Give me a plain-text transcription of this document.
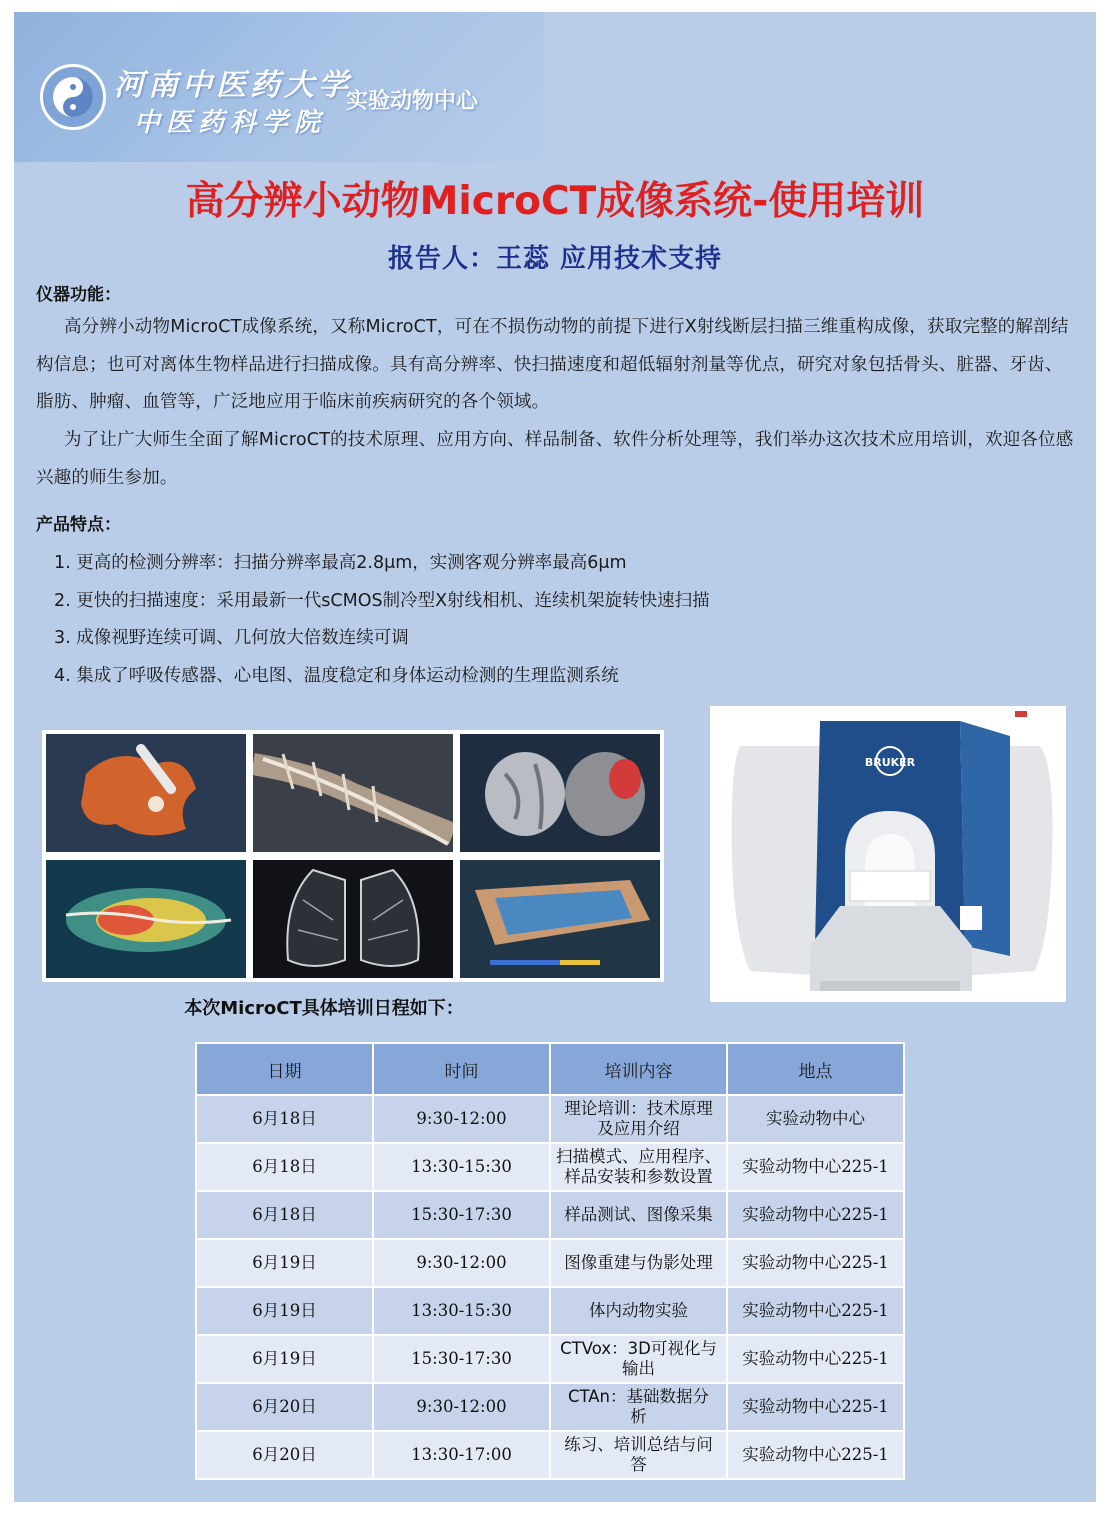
河南中医药大学
中医药科学院
实验动物中心
高分辨小动物MicroCT成像系统-使用培训
报告人：王蕊 应用技术支持
仪器功能：
高分辨小动物MicroCT成像系统，又称MicroCT，可在不损伤动物的前提下进行X射线断层扫描三维重构成像，获取完整的解剖结构信息；也可对离体生物样品进行扫描成像。具有高分辨率、快扫描速度和超低辐射剂量等优点，研究对象包括骨头、脏器、牙齿、脂肪、肿瘤、血管等，广泛地应用于临床前疾病研究的各个领域。
为了让广大师生全面了解MicroCT的技术原理、应用方向、样品制备、软件分析处理等，我们举办这次技术应用培训，欢迎各位感兴趣的师生参加。
产品特点：
1. 更高的检测分辨率：扫描分辨率最高2.8μm，实测客观分辨率最高6μm
2. 更快的扫描速度：采用最新一代sCMOS制冷型X射线相机、连续机架旋转快速扫描
3. 成像视野连续可调、几何放大倍数连续可调
4. 集成了呼吸传感器、心电图、温度稳定和身体运动检测的生理监测系统
BRUKER
本次MicroCT具体培训日程如下：
日期	时间	培训内容	地点
6月18日	9:30-12:00	理论培训：技术原理
及应用介绍	实验动物中心
6月18日	13:30-15:30	扫描模式、应用程序、
样品安装和参数设置	实验动物中心225-1
6月18日	15:30-17:30	样品测试、图像采集	实验动物中心225-1
6月19日	9:30-12:00	图像重建与伪影处理	实验动物中心225-1
6月19日	13:30-15:30	体内动物实验	实验动物中心225-1
6月19日	15:30-17:30	CTVox：3D可视化与
输出	实验动物中心225-1
6月20日	9:30-12:00	CTAn：基础数据分
析	实验动物中心225-1
6月20日	13:30-17:00	练习、培训总结与问
答	实验动物中心225-1
